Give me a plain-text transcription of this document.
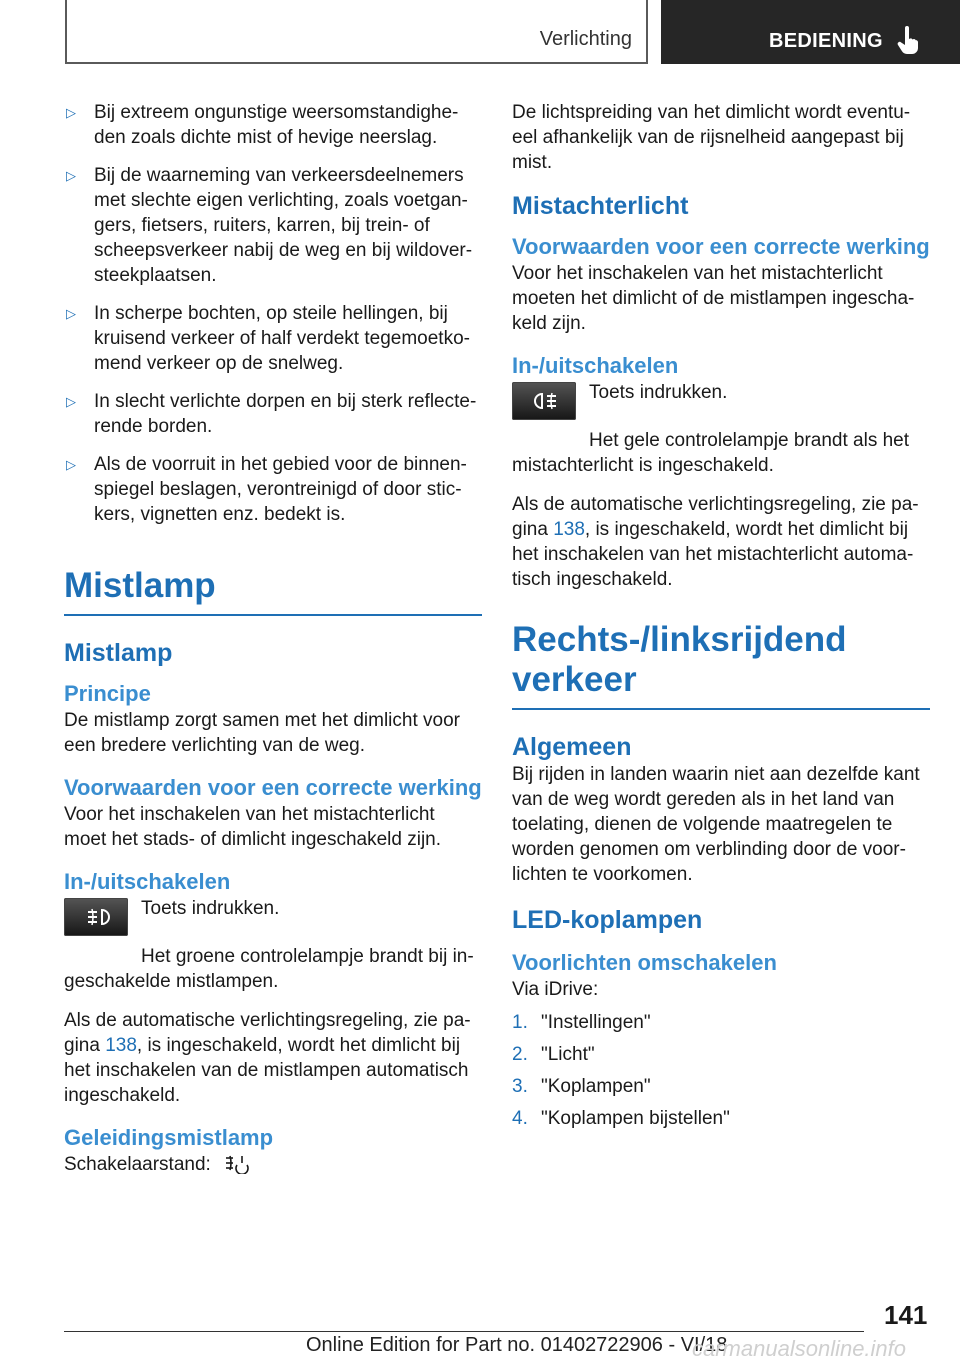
Verlichting	BEDIENING
▷ Bij extreem ongunstige weersomstandighe‐den zoals dichte mist of hevige neerslag.
▷ Bij de waarneming van verkeersdeelnemers met slechte eigen verlichting, zoals voetgan‐gers, fietsers, ruiters, karren, bij trein- of scheepsverkeer nabij de weg en bij wildover‐steekplaatsen.
▷ In scherpe bochten, op steile hellingen, bij kruisend verkeer of half verdekt tegemoetko‐mend verkeer op de snelweg.
▷ In slecht verlichte dorpen en bij sterk reflecte‐rende borden.
▷ Als de voorruit in het gebied voor de binnen‐spiegel beslagen, verontreinigd of door stic‐kers, vignetten enz. bedekt is.
Mistlamp
Mistlamp
Principe

De mistlamp zorgt samen met het dimlicht voor een bredere verlichting van de weg.

Voorwaarden voor een correcte werking

Voor het inschakelen van het mistachterlicht moet het stads- of dimlicht ingeschakeld zijn.

In-/uitschakelen

Toets indrukken.

Het groene controlelampje brandt bij in‐geschakelde mistlampen.

Als de automatische verlichtingsregeling, zie pa‐gina 138, is ingeschakeld, wordt het dimlicht bij het inschakelen van de mistlampen automatisch ingeschakeld.

Geleidingsmistlamp

Schakelaarstand:

De lichtspreiding van het dimlicht wordt eventu‐eel afhankelijk van de rijsnelheid aangepast bij mist.

Mistachterlicht
Voorwaarden voor een correcte werking

Voor het inschakelen van het mistachterlicht moeten het dimlicht of de mistlampen ingescha‐keld zijn.

In-/uitschakelen

Toets indrukken.

Het gele controlelampje brandt als het mistachterlicht is ingeschakeld.

Als de automatische verlichtingsregeling, zie pa‐gina 138, is ingeschakeld, wordt het dimlicht bij het inschakelen van het mistachterlicht automa‐tisch ingeschakeld.

Rechts-/linksrijdend verkeer
Algemeen

Bij rijden in landen waarin niet aan dezelfde kant van de weg wordt gereden als in het land van toelating, dienen de volgende maatregelen te worden genomen om verblinding door de voor‐lichten te voorkomen.

LED-koplampen
Voorlichten omschakelen

Via iDrive:

1. "Instellingen"
2. "Licht"
3. "Koplampen"
4. "Koplampen bijstellen"
141
Online Edition for Part no. 01402722906 - VI/18
carmanualsonline.info
